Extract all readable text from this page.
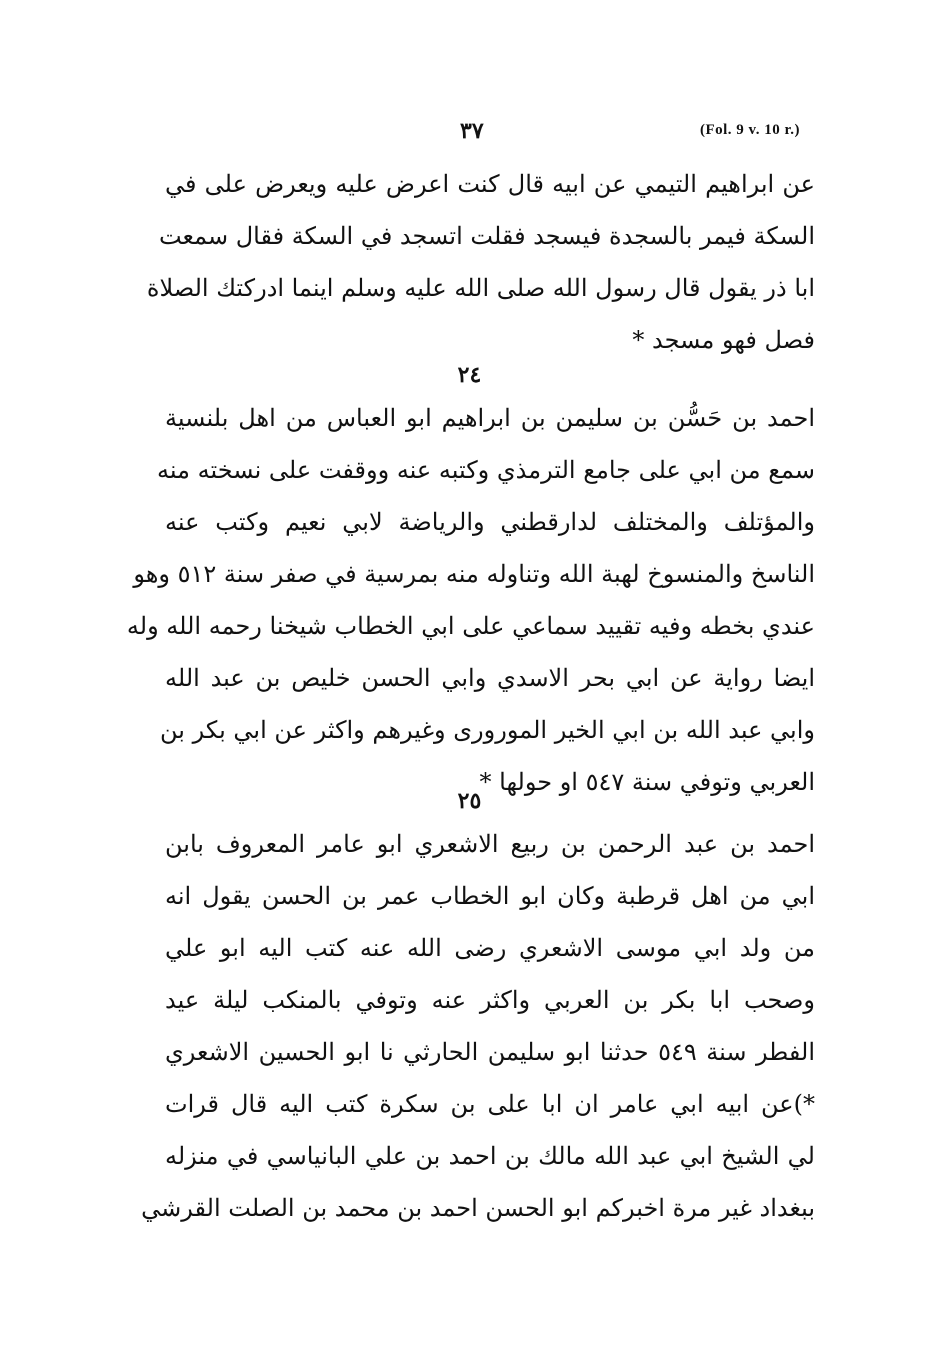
٣٧	(Fol. 9 v. 10 r.)
عن ابراهيم التيمي عن ابيه قال كنت اعرض عليه ويعرض على في
السكة فيمر بالسجدة فيسجد فقلت اتسجد في السكة فقال سمعت
ابا ذر يقول قال رسول الله صلى الله عليه وسلم اينما ادركتك الصلاة
فصل فهو مسجد *
٢٤
احمد بن حَسُّن بن سليمن بن ابراهيم ابو العباس من اهل بلنسية
سمع من ابي على جامع الترمذي وكتبه عنه ووقفت على نسخته منه
والمؤتلف والمختلف لدارقطني والرياضة لابي نعيم وكتب عنه
الناسخ والمنسوخ لهبة الله وتناوله منه بمرسية في صفر سنة ٥١٢ وهو
عندي بخطه وفيه تقييد سماعي على ابي الخطاب شيخنا رحمه الله وله
ايضا رواية عن ابي بحر الاسدي وابي الحسن خليص بن عبد الله
وابي عبد الله بن ابي الخير المورورى وغيرهم واكثر عن ابي بكر بن
العربي وتوفي سنة ٥٤٧ او حولها *
٢٥
احمد بن عبد الرحمن بن ربيع الاشعري ابو عامر المعروف بابن
ابي من اهل قرطبة وكان ابو الخطاب عمر بن الحسن يقول انه
من ولد ابي موسى الاشعري رضى الله عنه كتب اليه ابو علي
وصحب ابا بكر بن العربي واكثر عنه وتوفي بالمنكب ليلة عيد
الفطر سنة ٥٤٩ حدثنا ابو سليمن الحارثي نا ابو الحسين الاشعري
*)عن ابيه ابي عامر ان ابا على بن سكرة كتب اليه قال قرات
لي الشيخ ابي عبد الله مالك بن احمد بن علي البانياسي في منزله
ببغداد غير مرة اخبركم ابو الحسن احمد بن محمد بن الصلت القرشي
